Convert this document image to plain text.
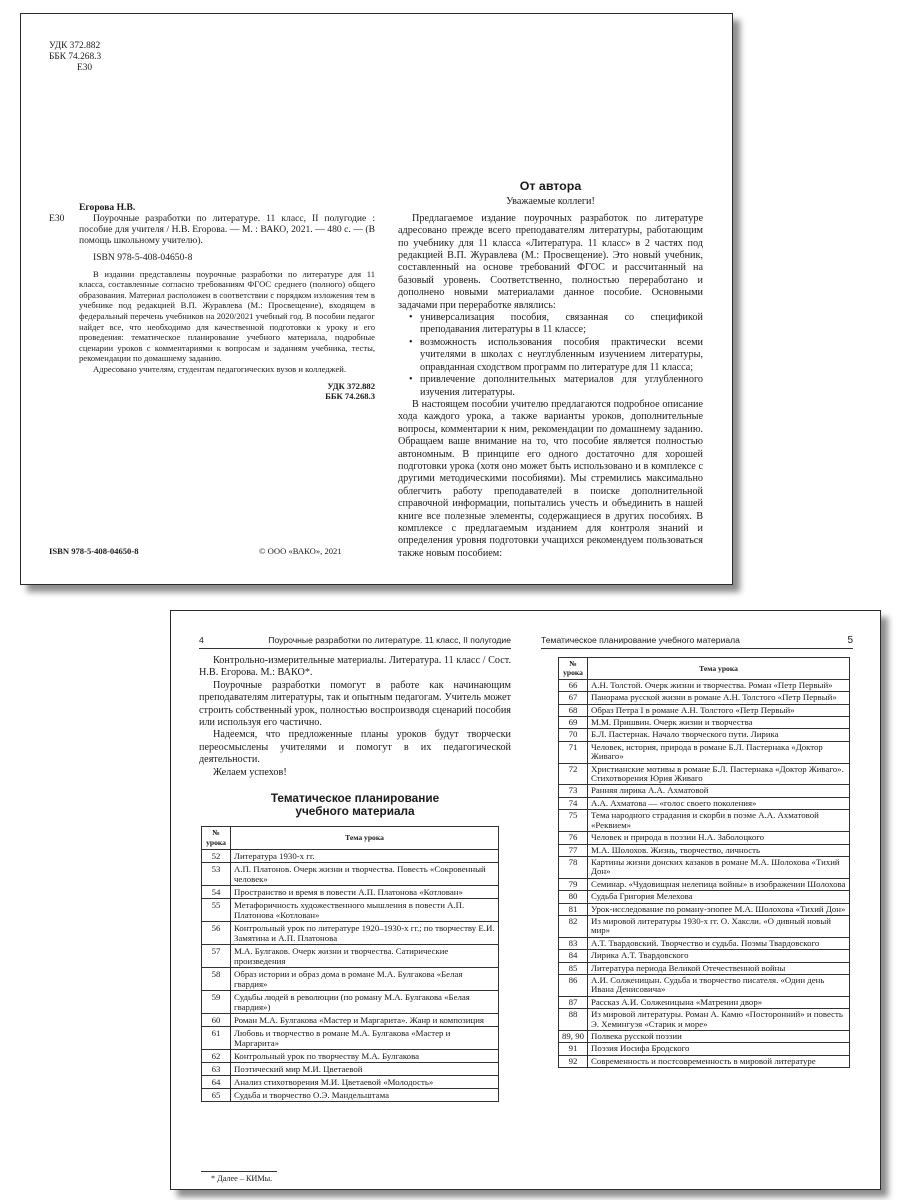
УДК 372.882
ББК 74.268.3
Е30
Егорова Н.В.
Е30	Поурочные разработки по литературе. 11 класс, II полугодие : пособие для учителя / Н.В. Егорова. — М. : ВАКО, 2021. — 480 с. — (В помощь школьному учителю).

ISBN 978-5-408-04650-8

В издании представлены поурочные разработки по литературе для 11 класса, составленные согласно требованиям ФГОС среднего (полного) общего образования. Материал расположен в соответствии с порядком изложения тем в учебнике под редакцией В.П. Журавлева (М.: Просвещение), входящем в федеральный перечень учебников на 2020/2021 учебный год. В пособии педагог найдет все, что необходимо для качественной подготовки к уроку и его проведения: тематическое планирование учебного материала, подробные сценарии уроков с комментариями к вопросам и заданиям учебника, тесты, рекомендации по домашнему заданию.

Адресовано учителям, студентам педагогических вузов и колледжей.

УДК 372.882
ББК 74.268.3
ISBN 978-5-408-04650-8	© ООО «ВАКО», 2021
От автора

Уважаемые коллеги!

Предлагаемое издание поурочных разработок по литературе адресовано прежде всего преподавателям литературы, работающим по учебнику для 11 класса «Литература. 11 класс» в 2 частях под редакцией В.П. Журавлева (М.: Просвещение). Это новый учебник, составленный на основе требований ФГОС и рассчитанный на базовый уровень. Соответственно, полностью переработано и дополнено новыми материалами данное пособие. Основными задачами при переработке являлись:

• универсализация пособия, связанная со спецификой преподавания литературы в 11 классе;
• возможность использования пособия практически всеми учителями в школах с неуглубленным изучением литературы, оправданная сходством программ по литературе для 11 класса;
• привлечение дополнительных материалов для углубленного изучения литературы.

В настоящем пособии учителю предлагаются подробное описание хода каждого урока, а также варианты уроков, дополнительные вопросы, комментарии к ним, рекомендации по домашнему заданию. Обращаем ваше внимание на то, что пособие является полностью автономным. В принципе его одного достаточно для хорошей подготовки урока (хотя оно может быть использовано и в комплексе с другими методическими пособиями). Мы стремились максимально облегчить работу преподавателей в поиске дополнительной справочной информации, попытались учесть и объединить в нашей книге все полезные элементы, содержащиеся в других пособиях. В комплексе с предлагаемым изданием для контроля знаний и определения уровня подготовки учащихся рекомендуем пользоваться также новым пособием:

4	Поурочные разработки по литературе. 11 класс, II полугодие

Контрольно-измерительные материалы. Литература. 11 класс / Сост. Н.В. Егорова. М.: ВАКО*.

Поурочные разработки помогут в работе как начинающим преподавателям литературы, так и опытным педагогам. Учитель может строить собственный урок, полностью воспроизводя сценарий пособия или используя его частично.

Надеемся, что предложенные планы уроков будут творчески переосмыслены учителями и помогут в их педагогической деятельности.

Желаем успехов!

Тематическое планирование учебного материала
№ урока	Тема урока
52	Литература 1930-х гг.
53	А.П. Платонов. Очерк жизни и творчества. Повесть «Сокровенный человек»
54	Пространство и время в повести А.П. Платонова «Котлован»
55	Метафоричность художественного мышления в повести А.П. Платонова «Котлован»
56	Контрольный урок по литературе 1920–1930-х гг.; по творчеству Е.И. Замятина и А.П. Платонова
57	М.А. Булгаков. Очерк жизни и творчества. Сатирические произведения
58	Образ истории и образ дома в романе М.А. Булгакова «Белая гвардия»
59	Судьбы людей в революции (по роману М.А. Булгакова «Белая гвардия»)
60	Роман М.А. Булгакова «Мастер и Маргарита». Жанр и композиция
61	Любовь и творчество в романе М.А. Булгакова «Мастер и Маргарита»
62	Контрольный урок по творчеству М.А. Булгакова
63	Поэтический мир М.И. Цветаевой
64	Анализ стихотворения М.И. Цветаевой «Молодость»
65	Судьба и творчество О.Э. Мандельштама
* Далее – КИМы.
Тематическое планирование учебного материала	5
№ урока	Тема урока
66	А.Н. Толстой. Очерк жизни и творчества. Роман «Петр Первый»
67	Панорама русской жизни в романе А.Н. Толстого «Петр Первый»
68	Образ Петра I в романе А.Н. Толстого «Петр Первый»
69	М.М. Пришвин. Очерк жизни и творчества
70	Б.Л. Пастернак. Начало творческого пути. Лирика
71	Человек, история, природа в романе Б.Л. Пастернака «Доктор Живаго»
72	Христианские мотивы в романе Б.Л. Пастернака «Доктор Живаго». Стихотворения Юрия Живаго
73	Ранняя лирика А.А. Ахматовой
74	А.А. Ахматова — «голос своего поколения»
75	Тема народного страдания и скорби в поэме А.А. Ахматовой «Реквием»
76	Человек и природа в поэзии Н.А. Заболоцкого
77	М.А. Шолохов. Жизнь, творчество, личность
78	Картины жизни донских казаков в романе М.А. Шолохова «Тихий Дон»
79	Семинар. «Чудовищная нелепица войны» в изображении Шолохова
80	Судьба Григория Мелехова
81	Урок-исследование по роману-эпопее М.А. Шолохова «Тихий Дон»
82	Из мировой литературы 1930-х гг. О. Хаксли. «О дивный новый мир»
83	А.Т. Твардовский. Творчество и судьба. Поэмы Твардовского
84	Лирика А.Т. Твардовского
85	Литература периода Великой Отечественной войны
86	А.И. Солженицын. Судьба и творчество писателя. «Один день Ивана Денисовича»
87	Рассказ А.И. Солженицына «Матренин двор»
88	Из мировой литературы. Роман А. Камю «Посторонний» и повесть Э. Хемингуэя «Старик и море»
89, 90	Полвека русской поэзии
91	Поэзия Иосифа Бродского
92	Современность и постсовременность в мировой литературе
